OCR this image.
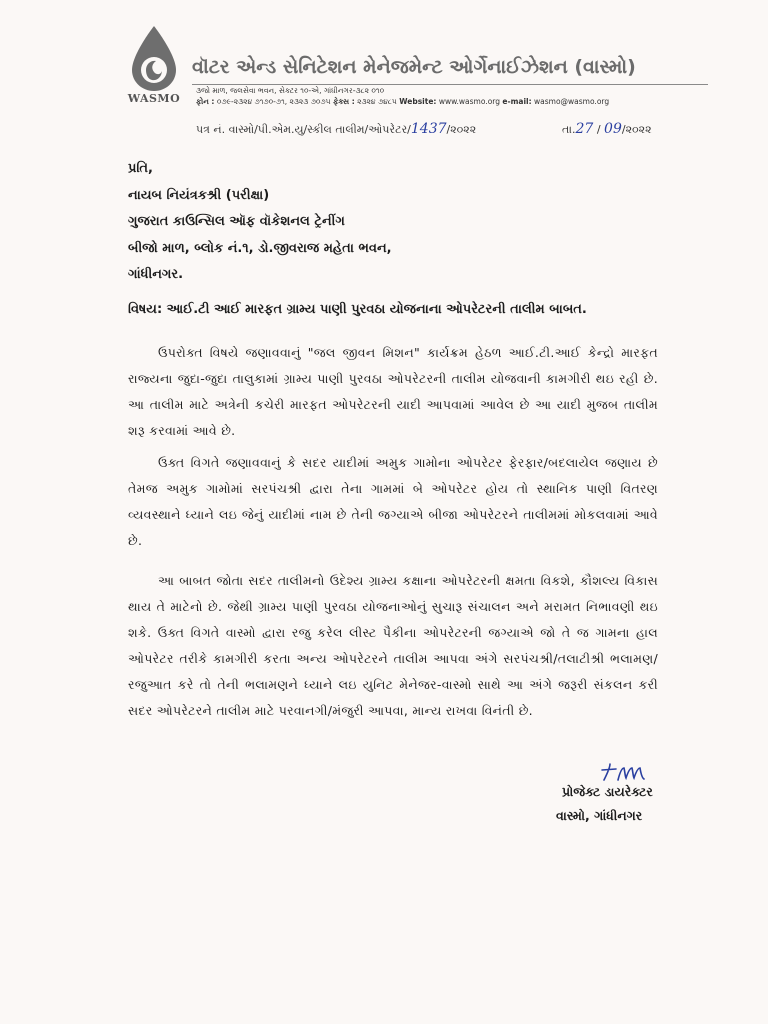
WASMO
વૉટર એન્ડ સેનિટેશન મેનેજમેન્ટ ઓર્ગેનાઈઝેશન (વાસ્મો)
૩જો માળ, જલસેવા ભવન, સેક્ટર ૧૦-એ, ગાંધીનગર-૩૮૨ ૦૧૦
ફોન : ૦૭૯-૨૩૨૪ ૭૧૭૦-૭૧, ૨૩૨૩ ૭૦૭૫ ફેક્સ : ૨૩૨૪ ૭૪૮૫ Website: www.wasmo.org e-mail: wasmo@wasmo.org
પત્ર નં. વાસ્મો/પી.એમ.યુ/સ્કીલ તાલીમ/ઓપરેટર/1437/૨૦૨૨	તા.27 / 09/૨૦૨૨
પ્રતિ,
નાયબ નિયંત્રકશ્રી (પરીક્ષા)
ગુજરાત કાઉન્સિલ ઑફ વૉકેશનલ ટ્રેનીંગ
બીજો માળ, બ્લોક નં.૧, ડો.જીવરાજ મહેતા ભવન,
ગાંધીનગર.
વિષય: આઈ.ટી આઈ મારફત ગ્રામ્ય પાણી પુરવઠા યોજનાના ઓપરેટરની તાલીમ બાબત.
ઉપરોક્ત વિષયે જણાવવાનું "જલ જીવન મિશન" કાર્યક્રમ હેઠળ આઈ.ટી.આઈ કેન્દ્રો મારફત રાજ્યના જુદા-જુદા તાલુકામાં ગ્રામ્ય પાણી પુરવઠા ઓપરેટરની તાલીમ યોજવાની કામગીરી થઇ રહી છે. આ તાલીમ માટે અત્રેની કચેરી મારફત ઓપરેટરની યાદી આપવામાં આવેલ છે આ યાદી મુજબ તાલીમ શરૂ કરવામાં આવે છે.
ઉક્ત વિગતે જણાવવાનું કે સદર યાદીમાં અમુક ગામોના ઓપરેટર ફેરફાર/બદલાયેલ જણાય છે તેમજ અમુક ગામોમાં સરપંચશ્રી દ્વારા તેના ગામમાં બે ઓપરેટર હોય તો સ્થાનિક પાણી વિતરણ વ્યવસ્થાને ધ્યાને લઇ જેનું યાદીમાં નામ છે તેની જગ્યાએ બીજા ઓપરેટરને તાલીમમાં મોકલવામાં આવે છે.
આ બાબત જોતા સદર તાલીમનો ઉદેશ્ય ગ્રામ્ય કક્ષાના ઓપરેટરની ક્ષમતા વિકશે, કૌશલ્ય વિકાસ થાય તે માટેનો છે. જેથી ગ્રામ્ય પાણી પુરવઠા યોજનાઓનું સુચારૂ સંચાલન અને મરામત નિભાવણી થઇ શકે. ઉક્ત વિગતે વાસ્મો દ્વારા રજુ કરેલ લીસ્ટ પૈકીના ઓપરેટરની જગ્યાએ જો તે જ ગામના હાલ ઓપરેટર તરીકે કામગીરી કરતા અન્ય ઓપરેટરને તાલીમ આપવા અંગે સરપંચશ્રી/તલાટીશ્રી ભલામણ/રજુઆત કરે તો તેની ભલામણને ધ્યાને લઇ યુનિટ મેનેજર-વાસ્મો સાથે આ અંગે જરૂરી સંકલન કરી સદર ઓપરેટરને તાલીમ માટે પરવાનગી/મંજુરી આપવા, માન્ય રાખવા વિનંતી છે.
પ્રોજેક્ટ ડાયરેક્ટર
વાસ્મો, ગાંધીનગર
